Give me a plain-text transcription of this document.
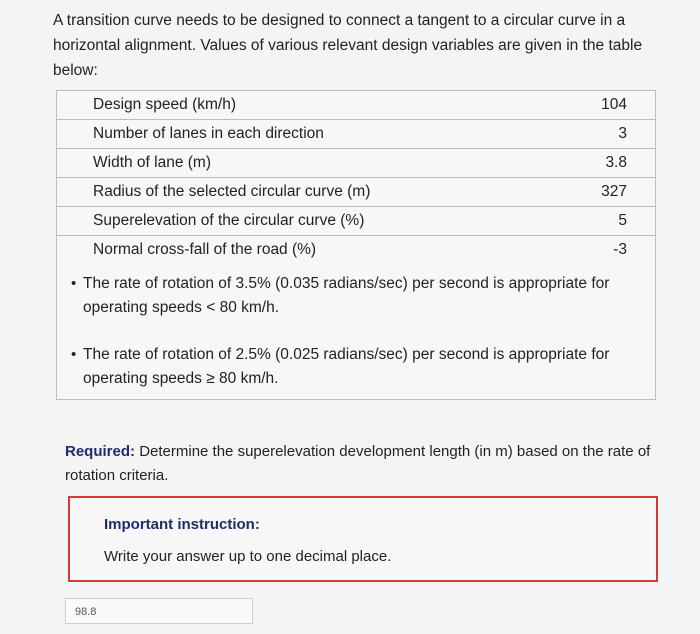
A transition curve needs to be designed to connect a tangent to a circular curve in a horizontal alignment. Values of various relevant design variables are given in the table below:
Design speed (km/h)	104
Number of lanes in each direction	3
Width of lane (m)	3.8
Radius of the selected circular curve (m)	327
Superelevation of the circular curve (%)	5
Normal cross-fall of the road (%)	-3
• The rate of rotation of 3.5% (0.035 radians/sec) per second is appropriate for operating speeds < 80 km/h.
• The rate of rotation of 2.5% (0.025 radians/sec) per second is appropriate for operating speeds ≥ 80 km/h.
Required: Determine the superelevation development length (in m) based on the rate of rotation criteria.
Important instruction:
Write your answer up to one decimal place.
98.8
